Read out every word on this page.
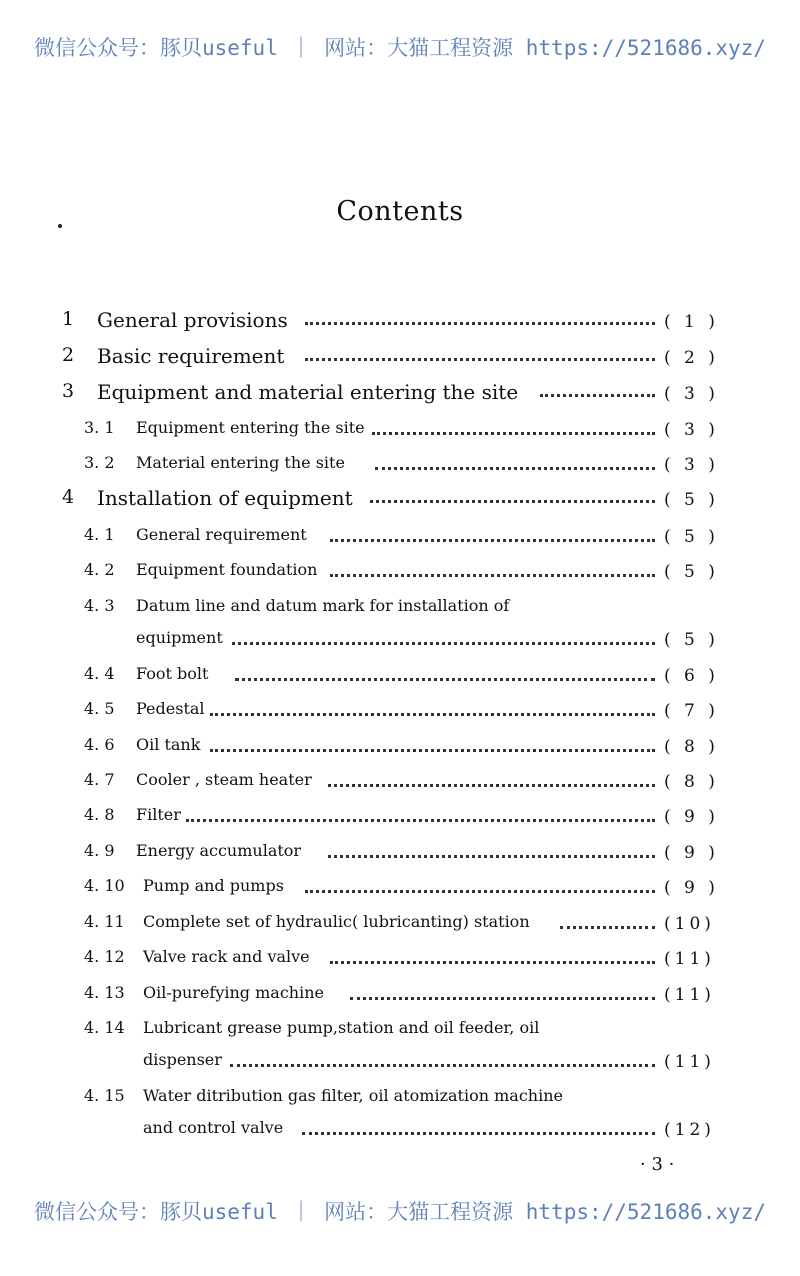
微信公众号：豚贝useful ｜ 网站：大猫工程资源 https://521686.xyz/
Contents
1 General provisions	( 1 )
2 Basic requirement	( 2 )
3 Equipment and material entering the site	( 3 )
3. 1 Equipment entering the site	( 3 )
3. 2 Material entering the site	( 3 )
4 Installation of equipment	( 5 )
4. 1 General requirement	( 5 )
4. 2 Equipment foundation	( 5 )
4. 3 Datum line and datum mark for installation of
equipment	( 5 )
4. 4 Foot bolt	( 6 )
4. 5 Pedestal	( 7 )
4. 6 Oil tank	( 8 )
4. 7 Cooler , steam heater	( 8 )
4. 8 Filter	( 9 )
4. 9 Energy accumulator	( 9 )
4. 10 Pump and pumps	( 9 )
4. 11 Complete set of hydraulic( lubricanting) station	(10)
4. 12 Valve rack and valve	(11)
4. 13 Oil-purefying machine	(11)
4. 14 Lubricant grease pump,station and oil feeder, oil
dispenser	(11)
4. 15 Water ditribution gas filter, oil atomization machine
and control valve	(12)
· 3 ·
微信公众号：豚贝useful ｜ 网站：大猫工程资源 https://521686.xyz/
